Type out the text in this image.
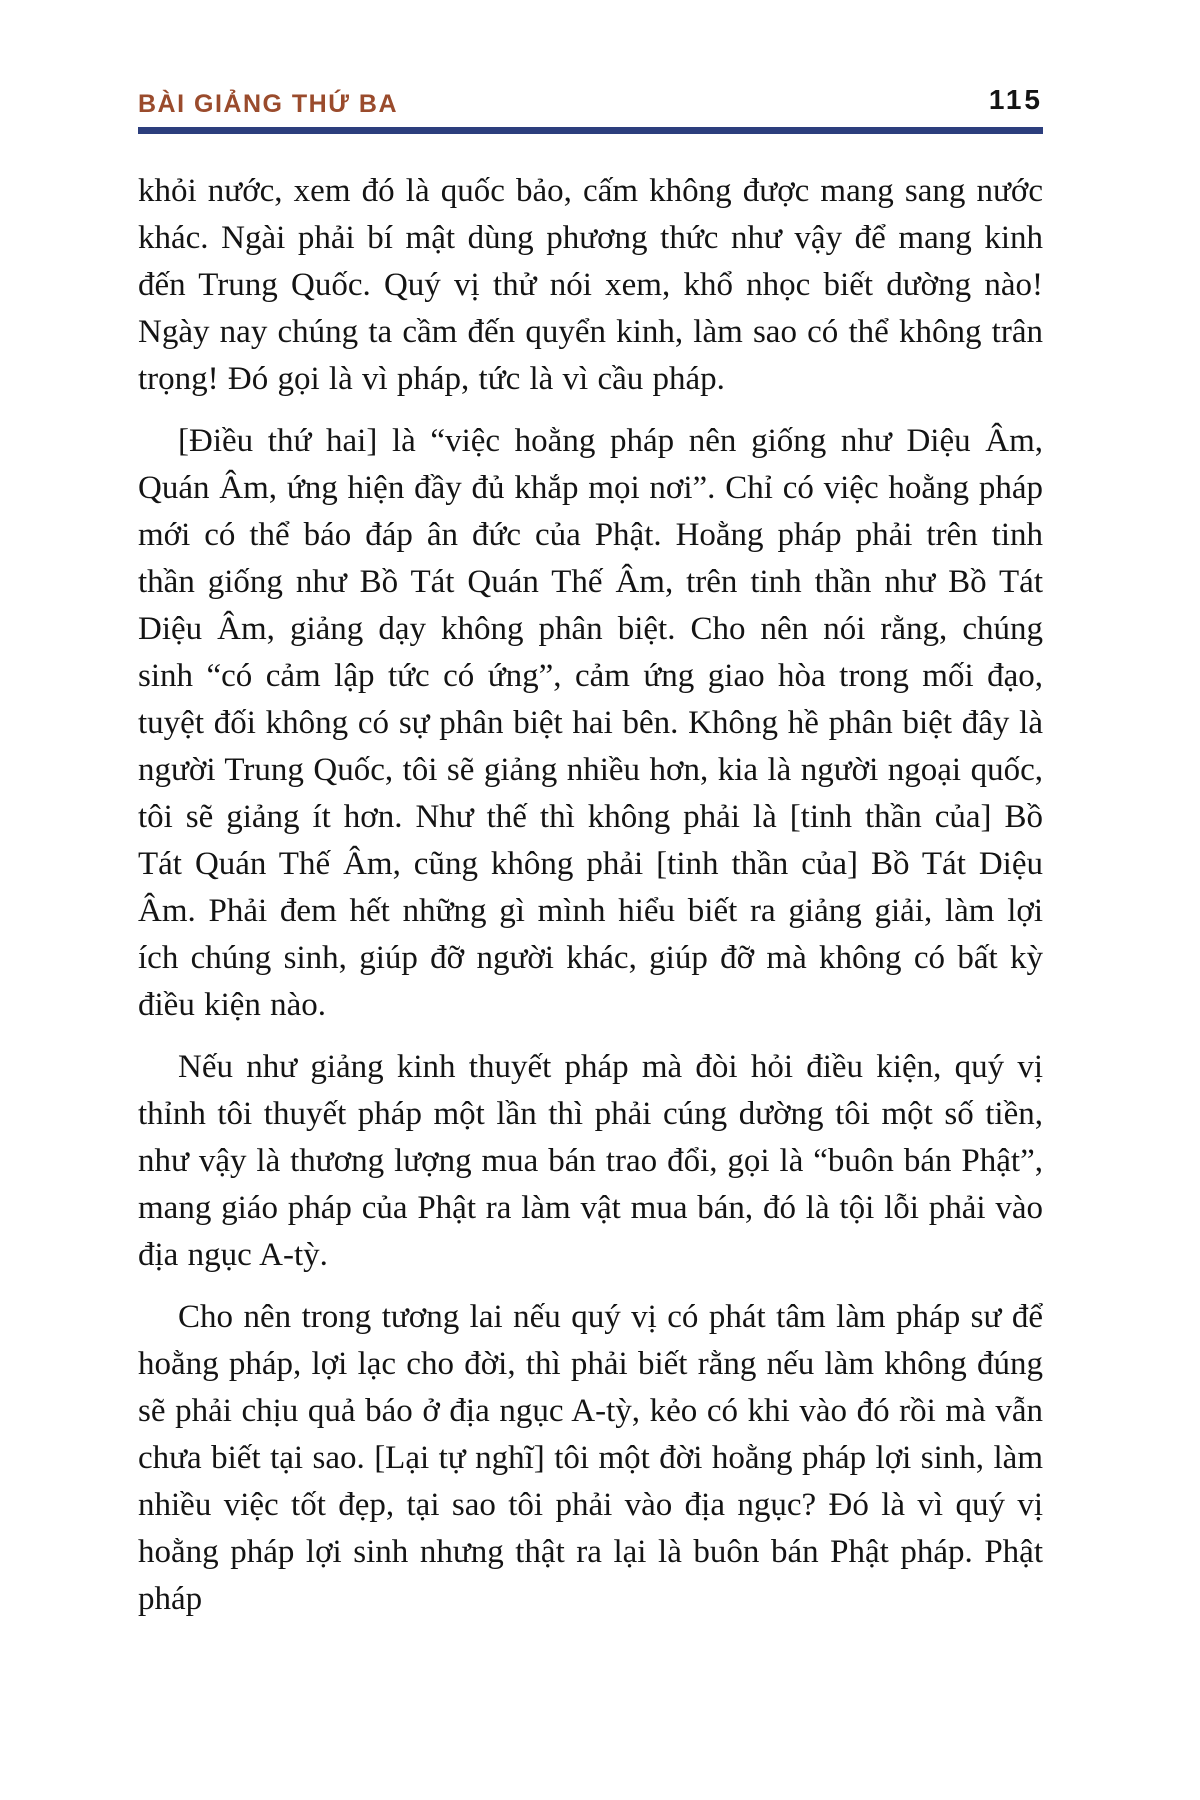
BÀI GIẢNG THỨ BA	115

khỏi nước, xem đó là quốc bảo, cấm không được mang sang nước khác. Ngài phải bí mật dùng phương thức như vậy để mang kinh đến Trung Quốc. Quý vị thử nói xem, khổ nhọc biết dường nào! Ngày nay chúng ta cầm đến quyển kinh, làm sao có thể không trân trọng! Đó gọi là vì pháp, tức là vì cầu pháp.

[Điều thứ hai] là “việc hoằng pháp nên giống như Diệu Âm, Quán Âm, ứng hiện đầy đủ khắp mọi nơi”. Chỉ có việc hoằng pháp mới có thể báo đáp ân đức của Phật. Hoằng pháp phải trên tinh thần giống như Bồ Tát Quán Thế Âm, trên tinh thần như Bồ Tát Diệu Âm, giảng dạy không phân biệt. Cho nên nói rằng, chúng sinh “có cảm lập tức có ứng”, cảm ứng giao hòa trong mối đạo, tuyệt đối không có sự phân biệt hai bên. Không hề phân biệt đây là người Trung Quốc, tôi sẽ giảng nhiều hơn, kia là người ngoại quốc, tôi sẽ giảng ít hơn. Như thế thì không phải là [tinh thần của] Bồ Tát Quán Thế Âm, cũng không phải [tinh thần của] Bồ Tát Diệu Âm. Phải đem hết những gì mình hiểu biết ra giảng giải, làm lợi ích chúng sinh, giúp đỡ người khác, giúp đỡ mà không có bất kỳ điều kiện nào.

Nếu như giảng kinh thuyết pháp mà đòi hỏi điều kiện, quý vị thỉnh tôi thuyết pháp một lần thì phải cúng dường tôi một số tiền, như vậy là thương lượng mua bán trao đổi, gọi là “buôn bán Phật”, mang giáo pháp của Phật ra làm vật mua bán, đó là tội lỗi phải vào địa ngục A-tỳ.

Cho nên trong tương lai nếu quý vị có phát tâm làm pháp sư để hoằng pháp, lợi lạc cho đời, thì phải biết rằng nếu làm không đúng sẽ phải chịu quả báo ở địa ngục A-tỳ, kẻo có khi vào đó rồi mà vẫn chưa biết tại sao. [Lại tự nghĩ] tôi một đời hoằng pháp lợi sinh, làm nhiều việc tốt đẹp, tại sao tôi phải vào địa ngục? Đó là vì quý vị hoằng pháp lợi sinh nhưng thật ra lại là buôn bán Phật pháp. Phật pháp
